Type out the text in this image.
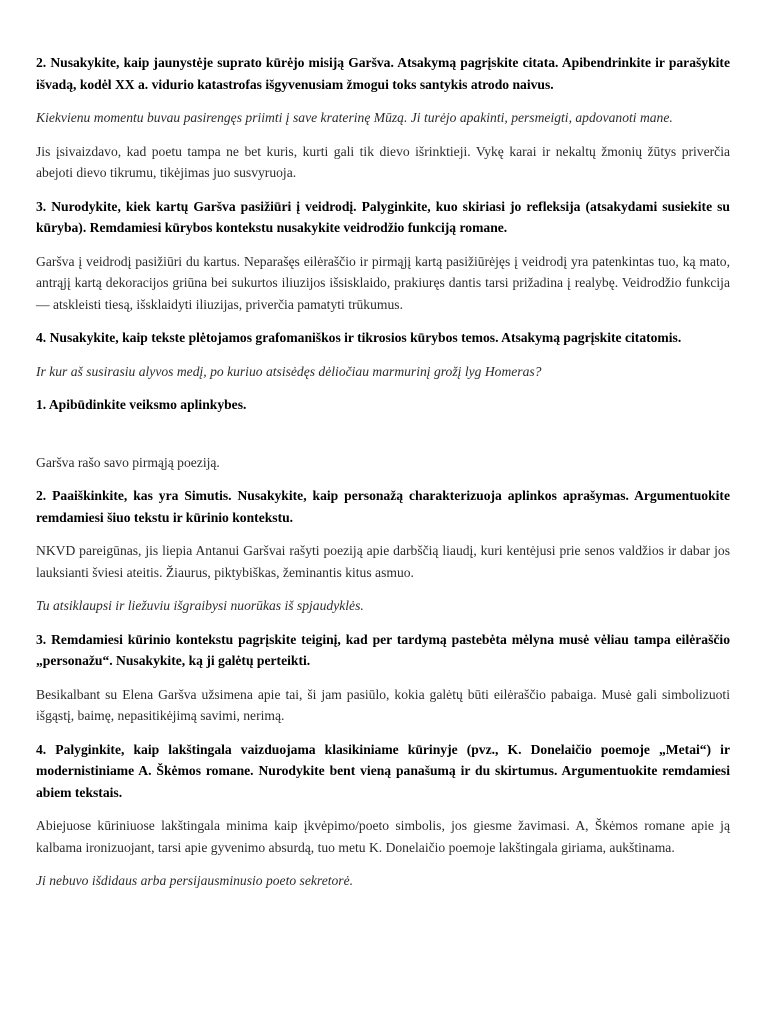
2. Nusakykite, kaip jaunystėje suprato kūrėjo misiją Garšva. Atsakymą pagrįskite citata. Apibendrinkite ir parašykite išvadą, kodėl XX a. vidurio katastrofas išgyvenusiam žmogui toks santykis atrodo naivus.

Kiekvienu momentu buvau pasirengęs priimti į save kraterinę Mūzą. Ji turėjo apakinti, persmeigti, apdovanoti mane.

Jis įsivaizdavo, kad poetu tampa ne bet kuris, kurti gali tik dievo išrinktieji. Vykę karai ir nekaltų žmonių žūtys priverčia abejoti dievo tikrumu, tikėjimas juo susvyruoja.

3. Nurodykite, kiek kartų Garšva pasižiūri į veidrodį. Palyginkite, kuo skiriasi jo refleksija (atsakydami susiekite su kūryba). Remdamiesi kūrybos kontekstu nusakykite veidrodžio funkciją romane.

Garšva į veidrodį pasižiūri du kartus. Neparašęs eilėraščio ir pirmąjį kartą pasižiūrėjęs į veidrodį yra patenkintas tuo, ką mato, antrąjį kartą dekoracijos griūna bei sukurtos iliuzijos išsisklaido, prakiuręs dantis tarsi prižadina į realybę. Veidrodžio funkcija — atskleisti tiesą, išsklaidyti iliuzijas, priverčia pamatyti trūkumus.

4. Nusakykite, kaip tekste plėtojamos grafomaniškos ir tikrosios kūrybos temos. Atsakymą pagrįskite citatomis.

Ir kur aš susirasiu alyvos medį, po kuriuo atsisėdęs dėliočiau marmurinį grožį lyg Homeras?

1. Apibūdinkite veiksmo aplinkybes.

Garšva rašo savo pirmąją poeziją.

2. Paaiškinkite, kas yra Simutis. Nusakykite, kaip personažą charakterizuoja aplinkos aprašymas. Argumentuokite remdamiesi šiuo tekstu ir kūrinio kontekstu.

NKVD pareigūnas, jis liepia Antanui Garšvai rašyti poeziją apie darbščią liaudį, kuri kentėjusi prie senos valdžios ir dabar jos lauksianti šviesi ateitis. Žiaurus, piktybiškas, žeminantis kitus asmuo.

Tu atsiklaupsi ir liežuviu išgraibysi nuorūkas iš spjaudyklės.

3. Remdamiesi kūrinio kontekstu pagrįskite teiginį, kad per tardymą pastebėta mėlyna musė vėliau tampa eilėraščio „personažu“. Nusakykite, ką ji galėtų perteikti.

Besikalbant su Elena Garšva užsimena apie tai, ši jam pasiūlo, kokia galėtų būti eilėraščio pabaiga. Musė gali simbolizuoti išgąstį, baimę, nepasitikėjimą savimi, nerimą.

4. Palyginkite, kaip lakštingala vaizduojama klasikiniame kūrinyje (pvz., K. Donelaičio poemoje „Metai“) ir modernistiniame A. Škėmos romane. Nurodykite bent vieną panašumą ir du skirtumus. Argumentuokite remdamiesi abiem tekstais.

Abiejuose kūriniuose lakštingala minima kaip įkvėpimo/poeto simbolis, jos giesme žavimasi. A, Škėmos romane apie ją kalbama ironizuojant, tarsi apie gyvenimo absurdą, tuo metu K. Donelaičio poemoje lakštingala giriama, aukštinama.

Ji nebuvo išdidaus arba persijausminusio poeto sekretorė.
